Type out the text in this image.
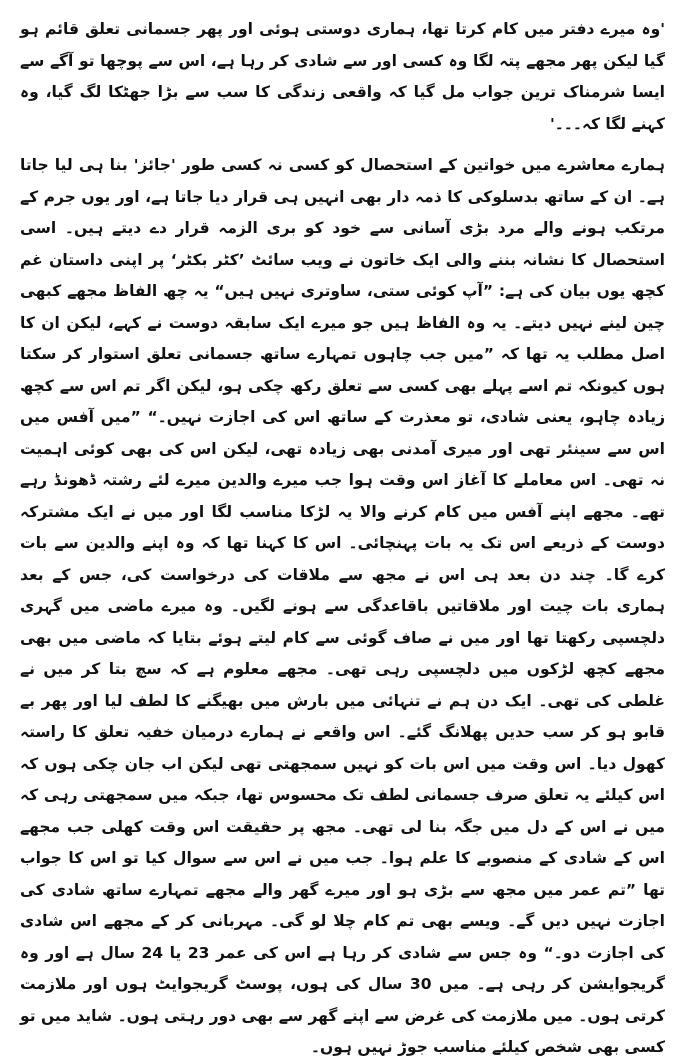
'وہ میرے دفتر میں کام کرتا تھا، ہماری دوستی ہوئی اور پھر جسمانی تعلق قائم ہو گیا لیکن پھر مجھے پتہ لگا وہ کسی اور سے شادی کر رہا ہے، اس سے پوچھا تو آگے سے ایسا شرمناک ترین جواب مل گیا کہ واقعی زندگی کا سب سے بڑا جھٹکا لگ گیا، وہ کہنے لگا کہ۔۔۔'

ہمارے معاشرے میں خواتین کے استحصال کو کسی نہ کسی طور 'جائز' بنا ہی لیا جاتا ہے۔ ان کے ساتھ بدسلوکی کا ذمہ دار بھی انہیں ہی قرار دیا جاتا ہے، اور یوں جرم کے مرتکب ہونے والے مرد بڑی آسانی سے خود کو بری الزمہ قرار دے دیتے ہیں۔ اسی استحصال کا نشانہ بننے والی ایک خاتون نے ویب سائٹ ’کٹر بکٹر‘ پر اپنی داستان غم کچھ یوں بیان کی ہے: ”آپ کوئی ستی، ساوتری نہیں ہیں“ یہ چھ الفاظ مجھے کبھی چین لینے نہیں دیتے۔ یہ وہ الفاظ ہیں جو میرے ایک سابقہ دوست نے کہے، لیکن ان کا اصل مطلب یہ تھا کہ ”میں جب چاہوں تمہارے ساتھ جسمانی تعلق استوار کر سکتا ہوں کیونکہ تم اسے پہلے بھی کسی سے تعلق رکھ چکی ہو، لیکن اگر تم اس سے کچھ زیادہ چاہو، یعنی شادی، تو معذرت کے ساتھ اس کی اجازت نہیں۔“ ”میں آفس میں اس سے سینئر تھی اور میری آمدنی بھی زیادہ تھی، لیکن اس کی بھی کوئی اہمیت نہ تھی۔ اس معاملے کا آغاز اس وقت ہوا جب میرے والدین میرے لئے رشتہ ڈھونڈ رہے تھے۔ مجھے اپنے آفس میں کام کرنے والا یہ لڑکا مناسب لگا اور میں نے ایک مشترکہ دوست کے ذریعے اس تک یہ بات پہنچائی۔ اس کا کہنا تھا کہ وہ اپنے والدین سے بات کرے گا۔ چند دن بعد ہی اس نے مجھ سے ملاقات کی درخواست کی، جس کے بعد ہماری بات چیت اور ملاقاتیں باقاعدگی سے ہونے لگیں۔ وہ میرے ماضی میں گہری دلچسپی رکھتا تھا اور میں نے صاف گوئی سے کام لیتے ہوئے بتایا کہ ماضی میں بھی مجھے کچھ لڑکوں میں دلچسپی رہی تھی۔ مجھے معلوم ہے کہ سچ بتا کر میں نے غلطی کی تھی۔ ایک دن ہم نے تنہائی میں بارش میں بھیگنے کا لطف لیا اور پھر بے قابو ہو کر سب حدیں پھلانگ گئے۔ اس واقعے نے ہمارے درمیان خفیہ تعلق کا راستہ کھول دیا۔ اس وقت میں اس بات کو نہیں سمجھتی تھی لیکن اب جان چکی ہوں کہ اس کیلئے یہ تعلق صرف جسمانی لطف تک محسوس تھا، جبکہ میں سمجھتی رہی کہ میں نے اس کے دل میں جگہ بنا لی تھی۔ مجھ پر حقیقت اس وقت کھلی جب مجھے اس کے شادی کے منصوبے کا علم ہوا۔ جب میں نے اس سے سوال کیا تو اس کا جواب تھا ”تم عمر میں مجھ سے بڑی ہو اور میرے گھر والے مجھے تمہارے ساتھ شادی کی اجازت نہیں دیں گے۔ ویسے بھی تم کام چلا لو گی۔ مہربانی کر کے مجھے اس شادی کی اجازت دو۔“ وہ جس سے شادی کر رہا ہے اس کی عمر 23 یا 24 سال ہے اور وہ گریجوایشن کر رہی ہے۔ میں 30 سال کی ہوں، پوسٹ گریجوایٹ ہوں اور ملازمت کرتی ہوں۔ میں ملازمت کی غرض سے اپنے گھر سے بھی دور رہتی ہوں۔ شاید میں تو کسی بھی شخص کیلئے مناسب جوڑ نہیں ہوں۔
